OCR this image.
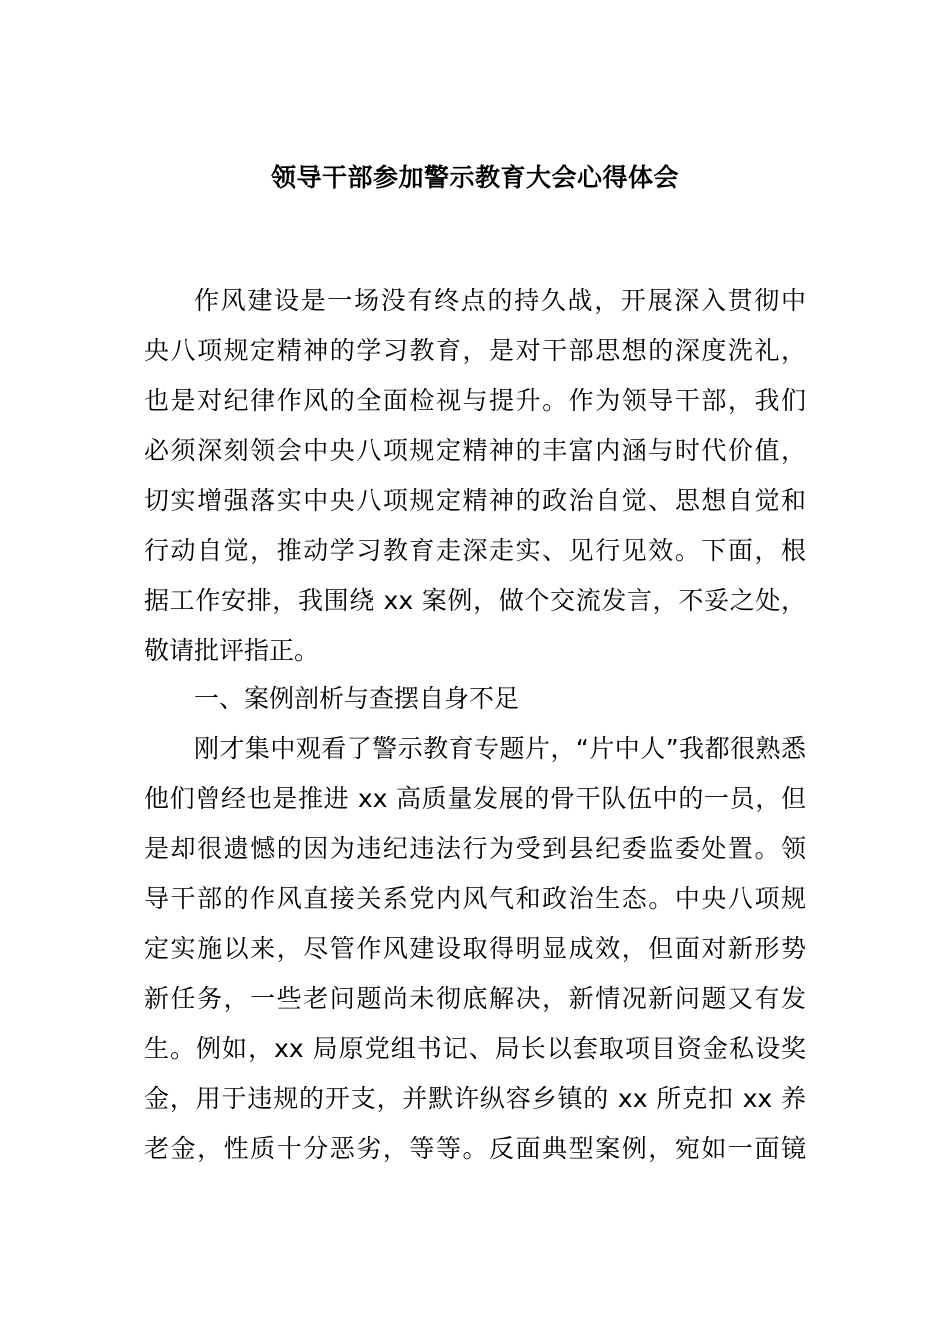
领导干部参加警示教育大会心得体会
作风建设是一场没有终点的持久战，开展深入贯彻中
央八项规定精神的学习教育，是对干部思想的深度洗礼，
也是对纪律作风的全面检视与提升。作为领导干部，我们
必须深刻领会中央八项规定精神的丰富内涵与时代价值，
切实增强落实中央八项规定精神的政治自觉、思想自觉和
行动自觉，推动学习教育走深走实、见行见效。下面，根
据工作安排，我围绕 xx 案例，做个交流发言，不妥之处，
敬请批评指正。
一、案例剖析与查摆自身不足
刚才集中观看了警示教育专题片，“片中人”我都很熟悉
他们曾经也是推进 xx 高质量发展的骨干队伍中的一员，但
是却很遗憾的因为违纪违法行为受到县纪委监委处置。领
导干部的作风直接关系党内风气和政治生态。中央八项规
定实施以来，尽管作风建设取得明显成效，但面对新形势
新任务，一些老问题尚未彻底解决，新情况新问题又有发
生。例如，xx 局原党组书记、局长以套取项目资金私设奖
金，用于违规的开支，并默许纵容乡镇的 xx 所克扣 xx 养
老金，性质十分恶劣，等等。反面典型案例，宛如一面镜
